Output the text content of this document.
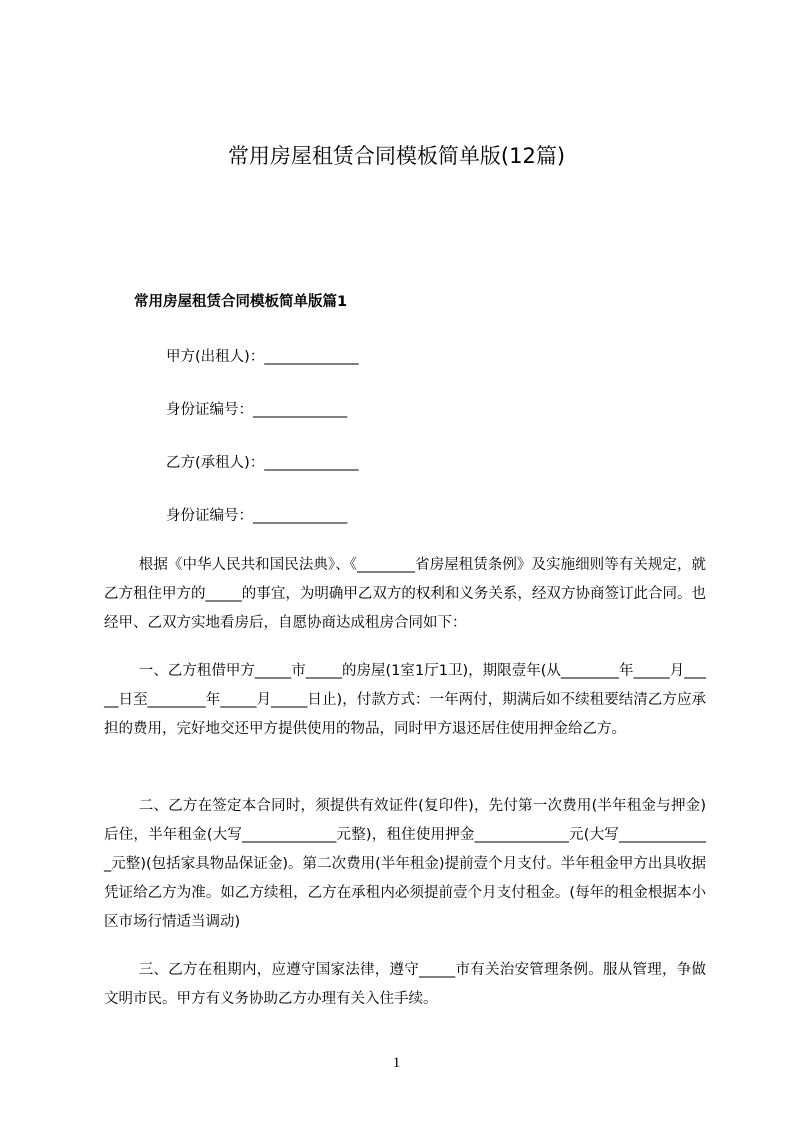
常用房屋租赁合同模板简单版(12篇)
常用房屋租赁合同模板简单版篇1

甲方(出租人)：_____________

身份证编号：_____________

乙方(承租人)：_____________

身份证编号：_____________

根据《中华人民共和国民法典》、《________省房屋租赁条例》及实施细则等有关规定，就乙方租住甲方的_____的事宜，为明确甲乙双方的权利和义务关系，经双方协商签订此合同。也经甲、乙双方实地看房后，自愿协商达成租房合同如下：

一、乙方租借甲方_____市_____的房屋(1室1厅1卫)，期限壹年(从________年_____月_____日至________年_____月_____日止)，付款方式：一年两付，期满后如不续租要结清乙方应承担的费用，完好地交还甲方提供使用的物品，同时甲方退还居住使用押金给乙方。

二、乙方在签定本合同时，须提供有效证件(复印件)，先付第一次费用(半年租金与押金)后住，半年租金(大写_____________元整)，租住使用押金_____________元(大写_____________元整)(包括家具物品保证金)。第二次费用(半年租金)提前壹个月支付。半年租金甲方出具收据凭证给乙方为准。如乙方续租，乙方在承租内必须提前壹个月支付租金。(每年的租金根据本小区市场行情适当调动)

三、乙方在租期内，应遵守国家法律，遵守_____市有关治安管理条例。服从管理，争做文明市民。甲方有义务协助乙方办理有关入住手续。

1
